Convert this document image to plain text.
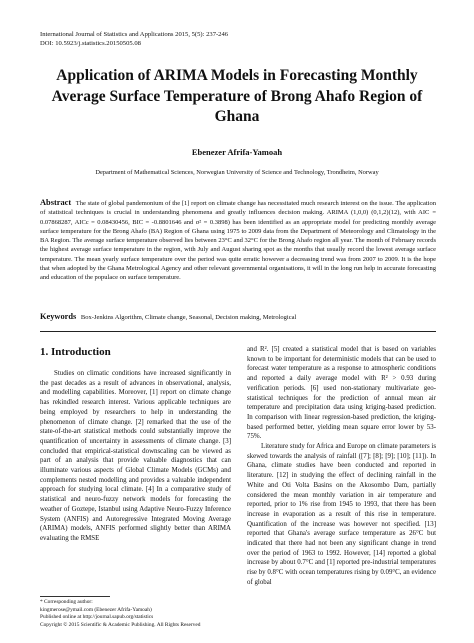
International Journal of Statistics and Applications 2015, 5(5): 237-246
DOI: 10.5923/j.statistics.20150505.08
Application of ARIMA Models in Forecasting Monthly Average Surface Temperature of Brong Ahafo Region of Ghana
Ebenezer Afrifa-Yamoah
Department of Mathematical Sciences, Norwegian University of Science and Technology, Trondheim, Norway
Abstract The state of global pandemonium of the [1] report on climate change has necessitated much research interest on the issue. The application of statistical techniques is crucial in understanding phenomena and greatly influences decision making. ARIMA (1,0,0) (0,1,2)(12), with AIC = 0.07868287, AICc = 0.08430456, BIC = -0.8801646 and σ² = 0.3898) has been identified as an appropriate model for predicting monthly average surface temperature for the Brong Ahafo (BA) Region of Ghana using 1975 to 2009 data from the Department of Meteorology and Climatology in the BA Region. The average surface temperature observed lies between 23°C and 32°C for the Brong Ahafo region all year. The month of February records the highest average surface temperature in the region, with July and August sharing spot as the months that usually record the lowest average surface temperature. The mean yearly surface temperature over the period was quite erratic however a decreasing trend was from 2007 to 2009. It is the hope that when adopted by the Ghana Metrological Agency and other relevant governmental organisations, it will in the long run help in accurate forecasting and education of the populace on surface temperature.
Keywords Box-Jenkins Algorithm, Climate change, Seasonal, Decision making, Metrological
1. Introduction

Studies on climatic conditions have increased significantly in the past decades as a result of advances in observational, analysis, and modelling capabilities. Moreover, [1] report on climate change has rekindled research interest. Various applicable techniques are being employed by researchers to help in understanding the phenomenon of climate change. [2] remarked that the use of the state-of-the-art statistical methods could substantially improve the quantification of uncertainty in assessments of climate change. [3] concluded that empirical-statistical downscaling can be viewed as part of an analysis that provide valuable diagnostics that can illuminate various aspects of Global Climate Models (GCMs) and complements nested modelling and provides a valuable independent approach for studying local climate. [4] In a comparative study of statistical and neuro-fuzzy network models for forecasting the weather of Goztepe, Istanbul using Adaptive Neuro-Fuzzy Inference System (ANFIS) and Autoregressive Integrated Moving Average (ARIMA) models, ANFIS performed slightly better than ARIMA evaluating the RMSE

and R². [5] created a statistical model that is based on variables known to be important for deterministic models that can be used to forecast water temperature as a response to atmospheric conditions and reported a daily average model with R² > 0.93 during verification periods. [6] used non-stationary multivariate geo-statistical techniques for the prediction of annual mean air temperature and precipitation data using kriging-based prediction. In comparison with linear regression-based prediction, the kriging-based performed better, yielding mean square error lower by 53-75%.

Literature study for Africa and Europe on climate parameters is skewed towards the analysis of rainfall ([7]; [8]; [9]; [10]; [11]). In Ghana, climate studies have been conducted and reported in literature. [12] in studying the effect of declining rainfall in the White and Oti Volta Basins on the Akosombo Dam, partially considered the mean monthly variation in air temperature and reported, prior to 1% rise from 1945 to 1993, that there has been increase in evaporation as a result of this rise in temperature. Quantification of the increase was however not specified. [13] reported that Ghana's average surface temperature as 26°C but indicated that there had not been any significant change in trend over the period of 1963 to 1992. However, [14] reported a global increase by about 0.7°C and [1] reported pre-industrial temperatures rise by 0.8°C with ocean temperatures rising by 0.09°C, an evidence of global

* Corresponding author:
kingmerose@ymail.com (Ebenezer Afrifa-Yamoah)
Published online at http://journal.sapub.org/statistics
Copyright © 2015 Scientific & Academic Publishing. All Rights Reserved
